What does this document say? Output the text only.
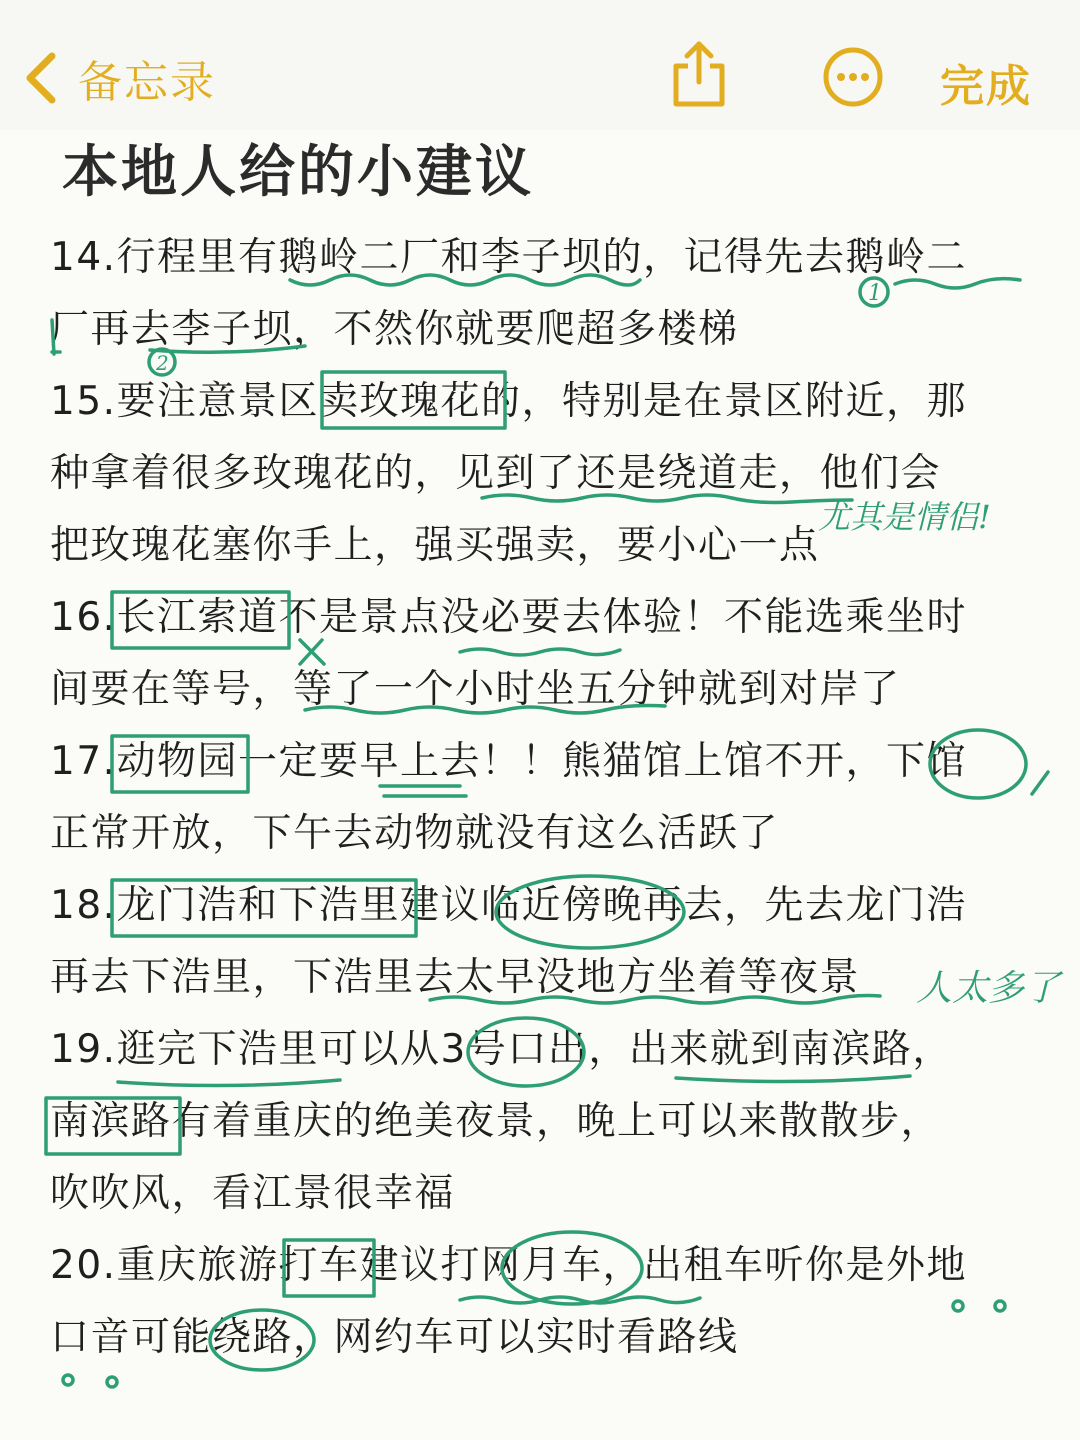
备忘录	完成
本地人给的小建议
14.行程里有鹅岭二厂和李子坝的，记得先去鹅岭二
厂再去李子坝，不然你就要爬超多楼梯
15.要注意景区卖玫瑰花的，特别是在景区附近，那
种拿着很多玫瑰花的，见到了还是绕道走，他们会
把玫瑰花塞你手上，强买强卖，要小心一点
16.长江索道不是景点没必要去体验！不能选乘坐时
间要在等号，等了一个小时坐五分钟就到对岸了
17.动物园一定要早上去！！熊猫馆上馆不开，下馆
正常开放，下午去动物就没有这么活跃了
18.龙门浩和下浩里建议临近傍晚再去，先去龙门浩
再去下浩里，下浩里去太早没地方坐着等夜景
19.逛完下浩里可以从3号口出，出来就到南滨路，
南滨路有着重庆的绝美夜景，晚上可以来散散步，
吹吹风，看江景很幸福
20.重庆旅游打车建议打网月车，出租车听你是外地
口音可能绕路，网约车可以实时看路线
1
2
尤其是情侣!
人太多了
